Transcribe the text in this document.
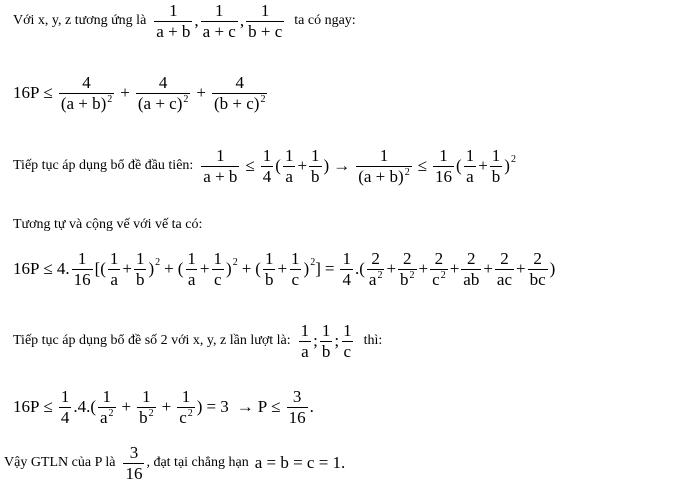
Với x, y, z tương ứng là $\frac{1}{a + b}$ , $\frac{1}{a + c}$ , $\frac{1}{b + c}$ ta có ngay:
$16P \le \frac{4}{(a + b)^2} + \frac{4}{(a + c)^2} + \frac{4}{(b + c)^2}$
Tiếp tục áp dụng bổ đề đầu tiên: $\frac{1}{a + b} \le \frac{1}{4}$ ( $\frac{1}{a} + \frac{1}{b}$ ) → $\frac{1}{(a + b)^2} \le \frac{1}{16}$ ( $\frac{1}{a} + \frac{1}{b}$ ) 2
Tương tự và cộng vế với vế ta có:
16P ≤ 4 . $\frac{1}{16}$ [( $\frac{1}{a} + \frac{1}{b}$ ) 2 + ( $\frac{1}{a} + \frac{1}{c}$ ) 2 + ( $\frac{1}{b} + \frac{1}{c}$ ) 2 ] = $\frac{1}{4}$ . ( $\frac{2}{a^2} + \frac{2}{b^2} + \frac{2}{c^2} + \frac{2}{ab} + \frac{2}{ac} + \frac{2}{bc}$ )
Tiếp tục áp dụng bổ đề số 2 với x, y, z lần lượt là: $\frac{1}{a}$ ; $\frac{1}{b}$ ; $\frac{1}{c}$ thì:
$16P \le \frac{1}{4}$ . 4 .( $\frac{1}{a^2} + \frac{1}{b^2} + \frac{1}{c^2}$ ) = $3 \to P \le \frac{3}{16}$ .
Vậy GTLN của P là $\frac{3}{16}$ , đạt tại chẳng hạn a = b = c = 1.
